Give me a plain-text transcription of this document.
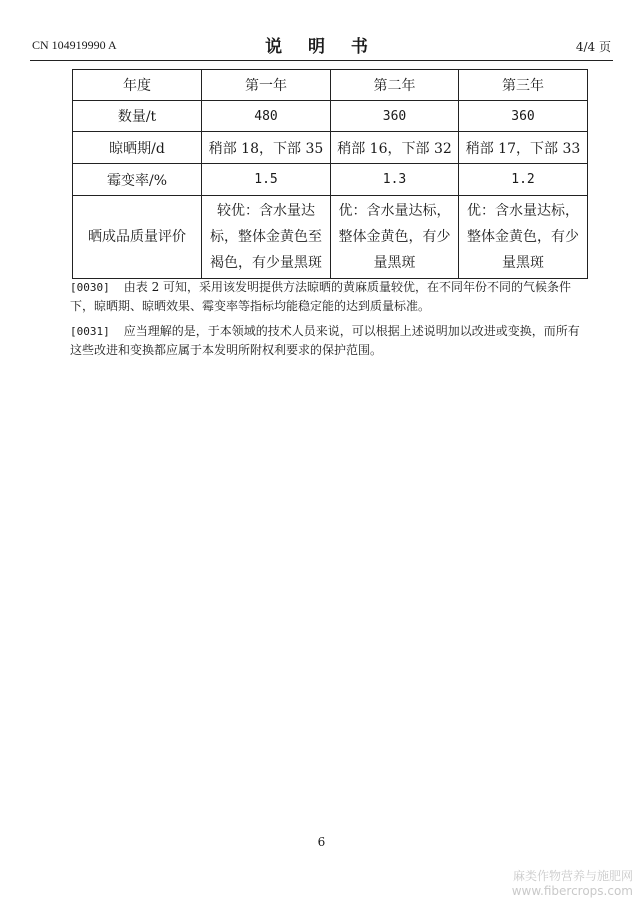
CN 104919990 A	说 明 书	4/4 页
年度	第一年	第二年	第三年
数量/t	480	360	360
晾晒期/d	稍部 18，下部 35	稍部 16，下部 32	稍部 17，下部 33
霉变率/%	1.5	1.3	1.2
晒成品质量评价	较优：含水量达标，整体金黄色至褐色，有少量黑斑	优：含水量达标，整体金黄色，有少量黑斑	优：含水量达标，整体金黄色，有少量黑斑
[0030] 由表 2 可知，采用该发明提供方法晾晒的黄麻质量较优，在不同年份不同的气候条件下，晾晒期、晾晒效果、霉变率等指标均能稳定能的达到质量标准。
[0031] 应当理解的是，于本领域的技术人员来说，可以根据上述说明加以改进或变换，而所有这些改进和变换都应属于本发明所附权利要求的保护范围。
6
麻类作物营养与施肥网
www.fibercrops.com
